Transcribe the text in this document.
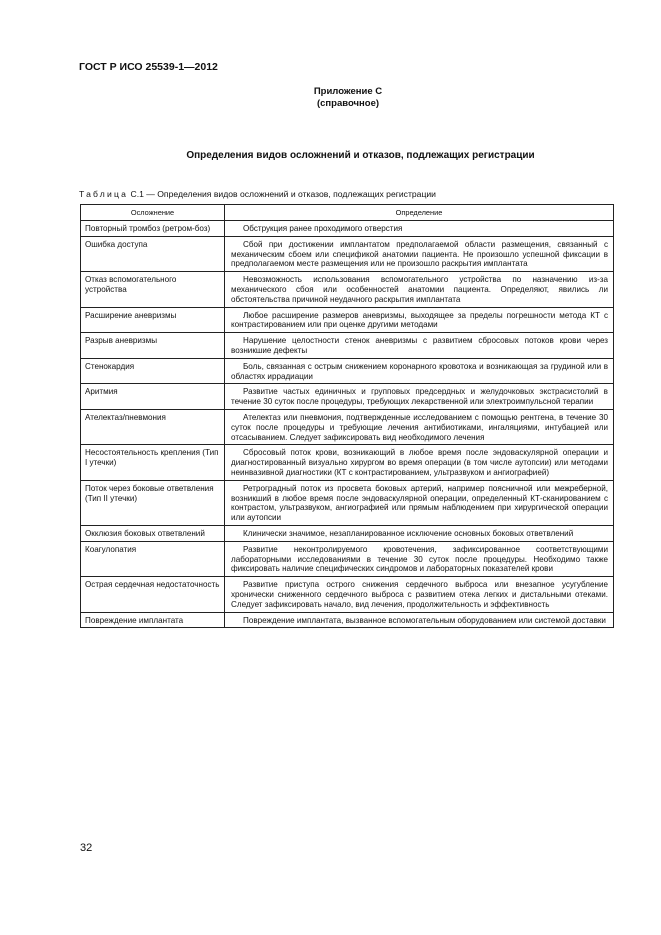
ГОСТ Р ИСО 25539-1—2012
Приложение С
(справочное)
Определения видов осложнений и отказов, подлежащих регистрации
Таблица С.1 — Определения видов осложнений и отказов, подлежащих регистрации
Осложнение	Определение
Повторный тромбоз (ретром-боз)	Обструкция ранее проходимого отверстия
Ошибка доступа	Сбой при достижении имплантатом предполагаемой области размещения, связанный с механическим сбоем или спецификой анатомии пациента. Не произошло успешной фиксации в предполагаемом месте размещения или не произошло раскрытия имплантата
Отказ вспомогательного устройства	Невозможность использования вспомогательного устройства по назначению из-за механического сбоя или особенностей анатомии пациента. Определяют, явились ли обстоятельства причиной неудачного раскрытия имплантата
Расширение аневризмы	Любое расширение размеров аневризмы, выходящее за пределы погрешности метода КТ с контрастированием или при оценке другими методами
Разрыв аневризмы	Нарушение целостности стенок аневризмы с развитием сбросовых потоков крови через возникшие дефекты
Стенокардия	Боль, связанная с острым снижением коронарного кровотока и возникающая за грудиной или в областях иррадиации
Аритмия	Развитие частых единичных и групповых предсердных и желудочковых экстрасистолий в течение 30 суток после процедуры, требующих лекарственной или электроимпульсной терапии
Ателектаз/пневмония	Ателектаз или пневмония, подтвержденные исследованием с помощью рентгена, в течение 30 суток после процедуры и требующие лечения антибиотиками, ингаляциями, интубацией или отсасыванием. Следует зафиксировать вид необходимого лечения
Несостоятельность крепления (Тип I утечки)	Сбросовый поток крови, возникающий в любое время после эндоваскулярной операции и диагностированный визуально хирургом во время операции (в том числе аутопсии) или методами неинвазивной диагностики (КТ с контрастированием, ультразвуком и ангиографией)
Поток через боковые ответвления (Тип II утечки)	Ретроградный поток из просвета боковых артерий, например поясничной или межреберной, возникший в любое время после эндоваскулярной операции, определенный КТ-сканированием с контрастом, ультразвуком, ангиографией или прямым наблюдением при хирургической операции или аутопсии
Окклюзия боковых ответвлений	Клинически значимое, незапланированное исключение основных боковых ответвлений
Коагулопатия	Развитие неконтролируемого кровотечения, зафиксированное соответствующими лабораторными исследованиями в течение 30 суток после процедуры. Необходимо также фиксировать наличие специфических синдромов и лабораторных показателей крови
Острая сердечная недостаточность	Развитие приступа острого снижения сердечного выброса или внезапное усугубление хронически сниженного сердечного выброса с развитием отека легких и дистальными отеками. Следует зафиксировать начало, вид лечения, продолжительность и эффективность
Повреждение имплантата	Повреждение имплантата, вызванное вспомогательным оборудованием или системой доставки
32
